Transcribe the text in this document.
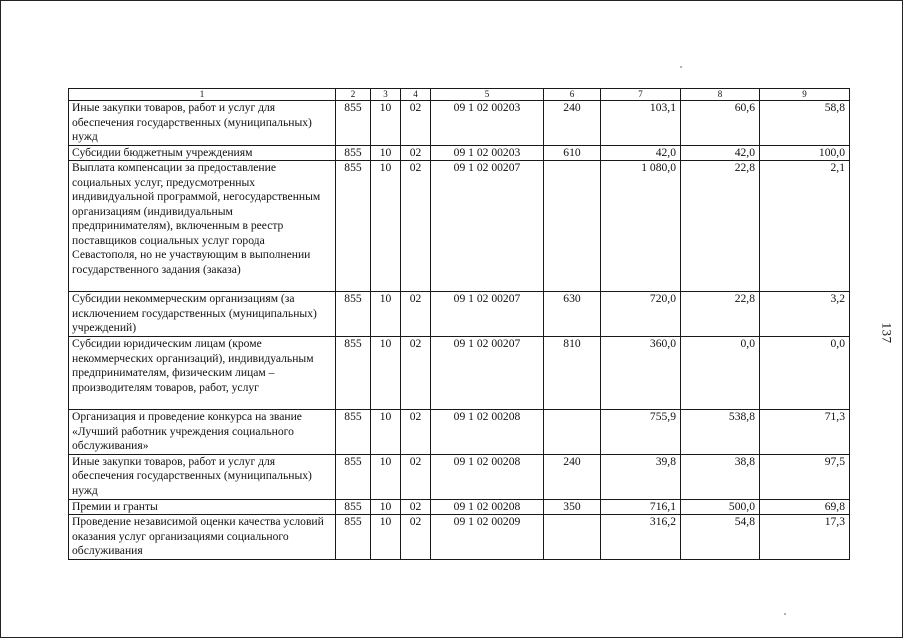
1	2	3	4	5	6	7	8	9
Иные закупки товаров, работ и услуг для обеспечения государственных (муниципальных) нужд	855	10	02	09 1 02 00203	240	103,1	60,6	58,8
Субсидии бюджетным учреждениям	855	10	02	09 1 02 00203	610	42,0	42,0	100,0
Выплата компенсации за предоставление социальных услуг, предусмотренных индивидуальной программой, негосударственным организациям (индивидуальным предпринимателям), включенным в реестр поставщиков социальных услуг города Севастополя, но не участвующим в выполнении государственного задания (заказа)	855	10	02	09 1 02 00207		1 080,0	22,8	2,1
Субсидии некоммерческим организациям (за исключением государственных (муниципальных) учреждений)	855	10	02	09 1 02 00207	630	720,0	22,8	3,2
Субсидии юридическим лицам (кроме некоммерческих организаций), индивидуальным предпринимателям, физическим лицам – производителям товаров, работ, услуг	855	10	02	09 1 02 00207	810	360,0	0,0	0,0
Организация и проведение конкурса на звание «Лучший работник учреждения социального обслуживания»	855	10	02	09 1 02 00208		755,9	538,8	71,3
Иные закупки товаров, работ и услуг для обеспечения государственных (муниципальных) нужд	855	10	02	09 1 02 00208	240	39,8	38,8	97,5
Премии и гранты	855	10	02	09 1 02 00208	350	716,1	500,0	69,8
Проведение независимой оценки качества условий оказания услуг организациями социального обслуживания	855	10	02	09 1 02 00209		316,2	54,8	17,3
137
